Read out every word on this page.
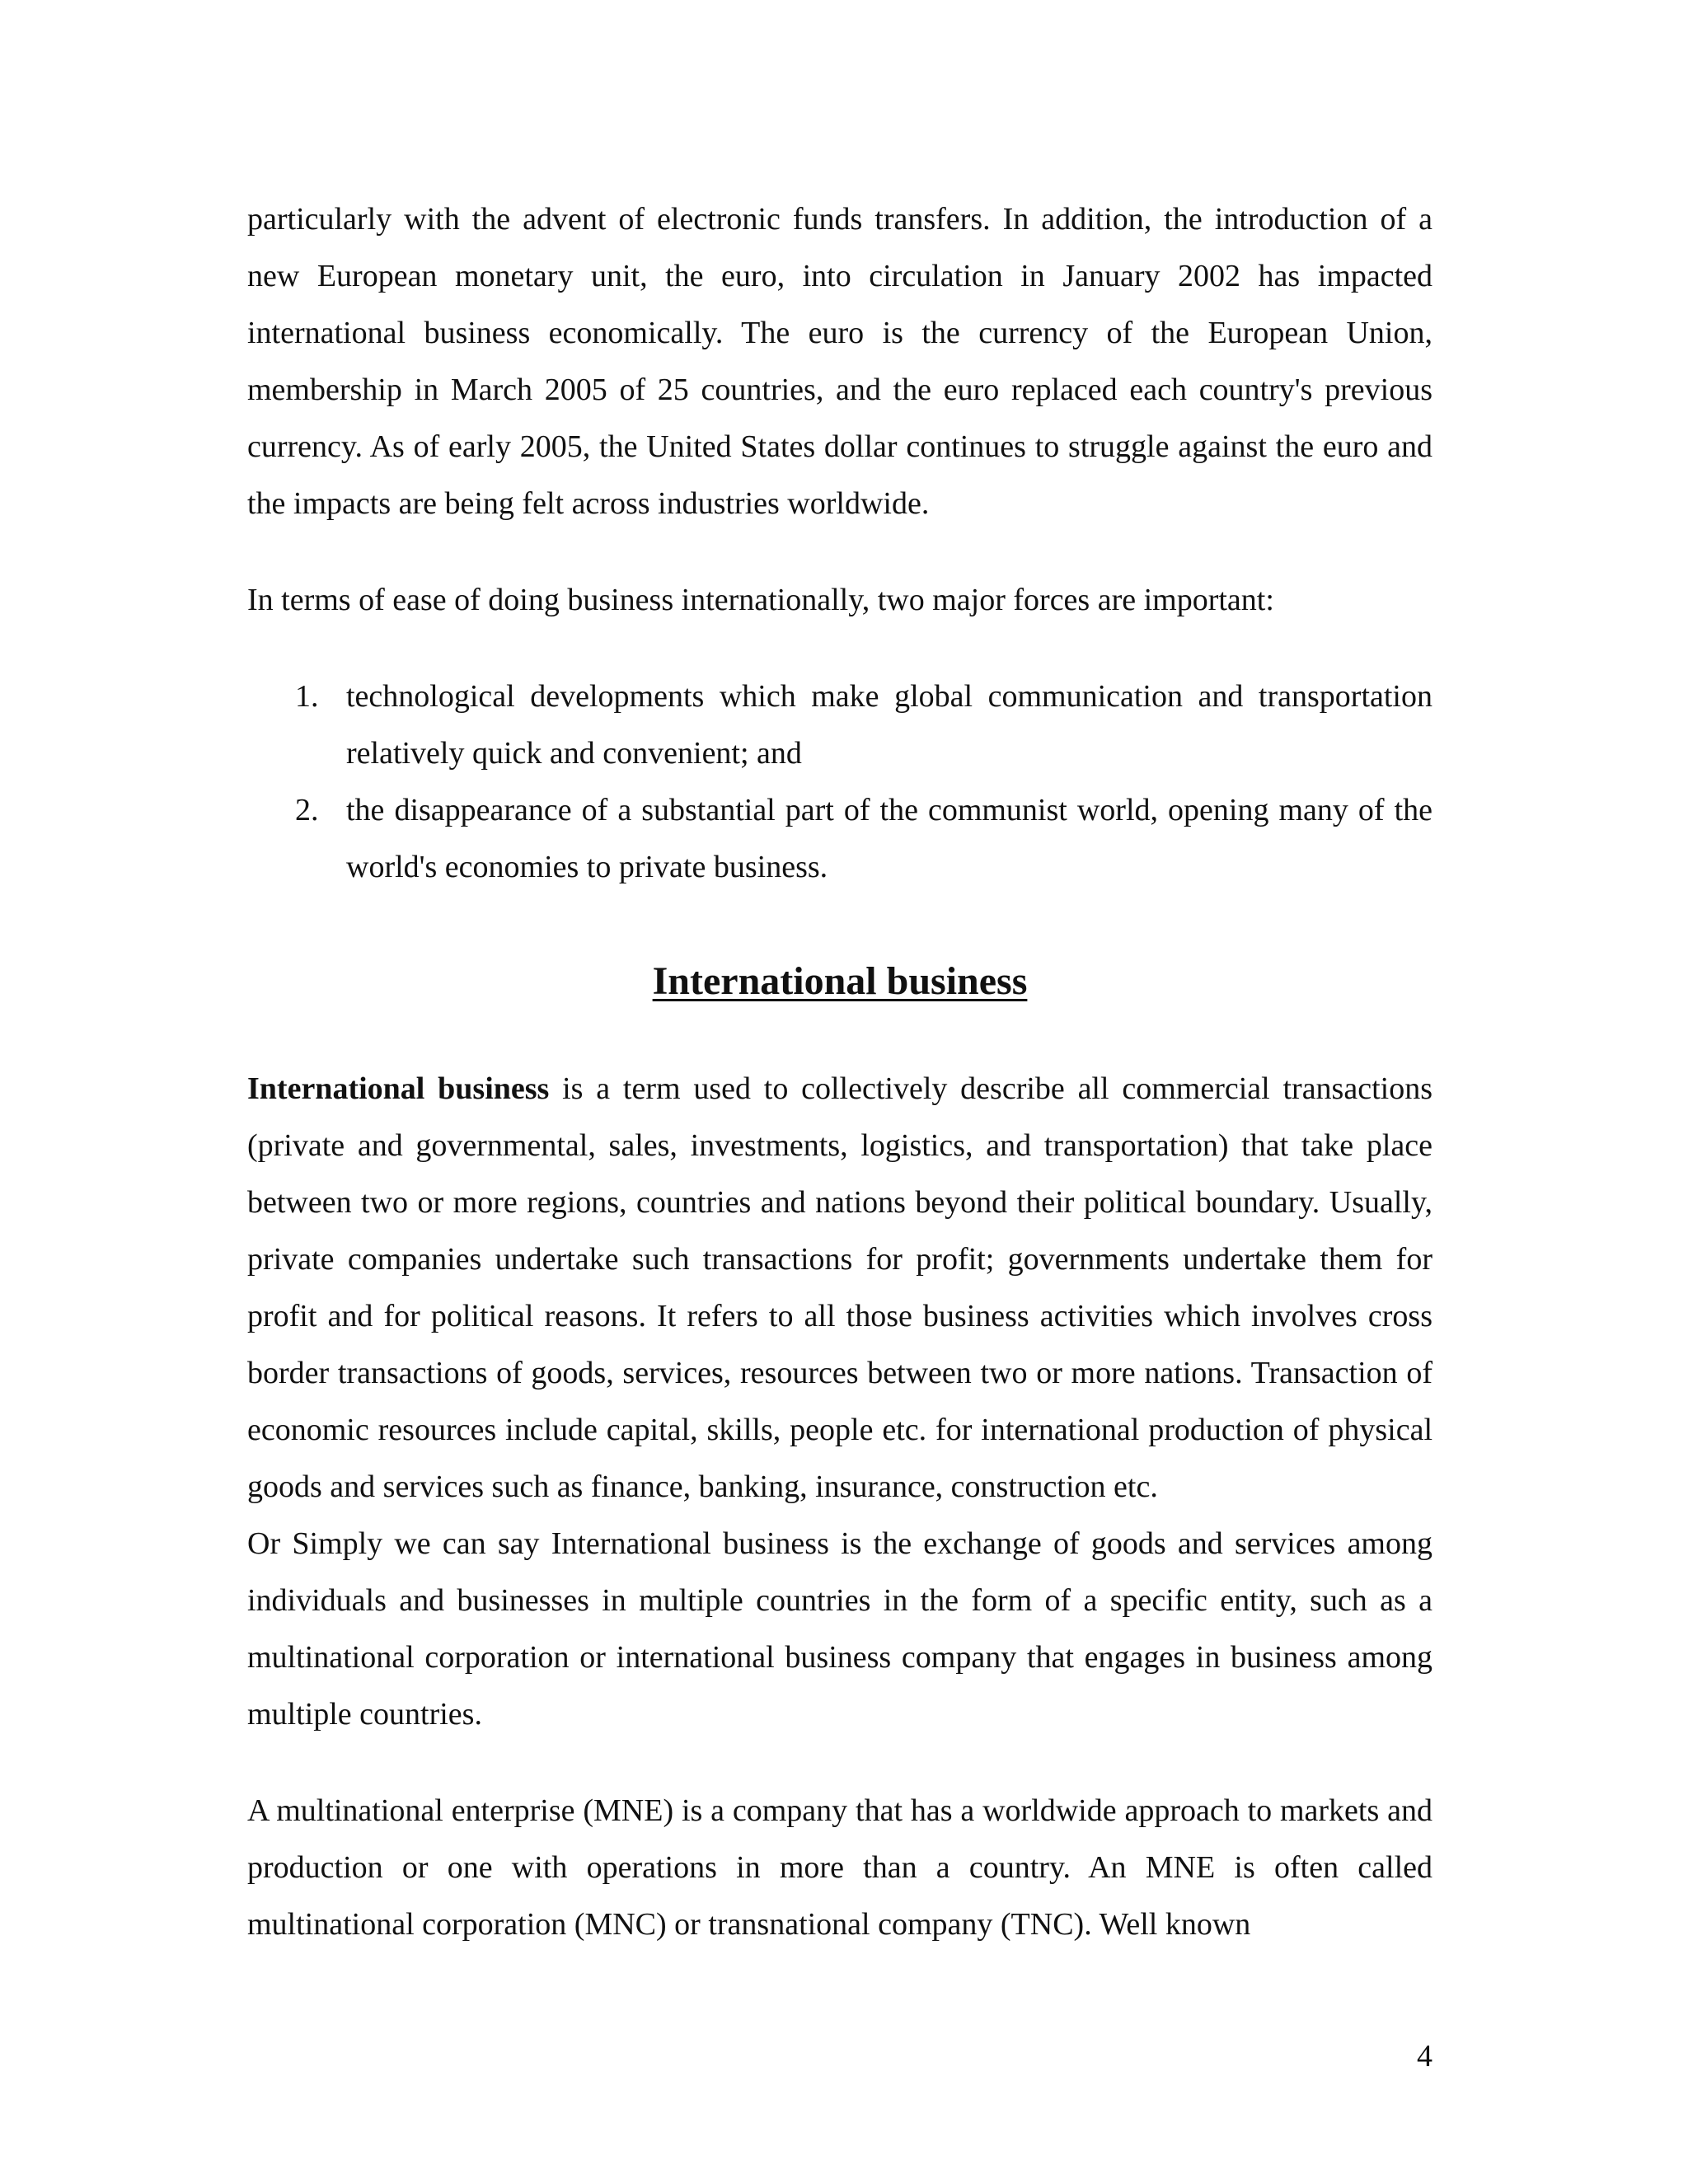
particularly with the advent of electronic funds transfers. In addition, the introduction of a new European monetary unit, the euro, into circulation in January 2002 has impacted international business economically. The euro is the currency of the European Union, membership in March 2005 of 25 countries, and the euro replaced each country's previous currency. As of early 2005, the United States dollar continues to struggle against the euro and the impacts are being felt across industries worldwide.

In terms of ease of doing business internationally, two major forces are important:

1. technological developments which make global communication and transportation relatively quick and convenient; and
2. the disappearance of a substantial part of the communist world, opening many of the world's economies to private business.
International business

International business is a term used to collectively describe all commercial transactions (private and governmental, sales, investments, logistics, and transportation) that take place between two or more regions, countries and nations beyond their political boundary. Usually, private companies undertake such transactions for profit; governments undertake them for profit and for political reasons. It refers to all those business activities which involves cross border transactions of goods, services, resources between two or more nations. Transaction of economic resources include capital, skills, people etc. for international production of physical goods and services such as finance, banking, insurance, construction etc.

Or Simply we can say International business is the exchange of goods and services among individuals and businesses in multiple countries in the form of a specific entity, such as a multinational corporation or international business company that engages in business among multiple countries.

A multinational enterprise (MNE) is a company that has a worldwide approach to markets and production or one with operations in more than a country. An MNE is often called multinational corporation (MNC) or transnational company (TNC). Well known

4
